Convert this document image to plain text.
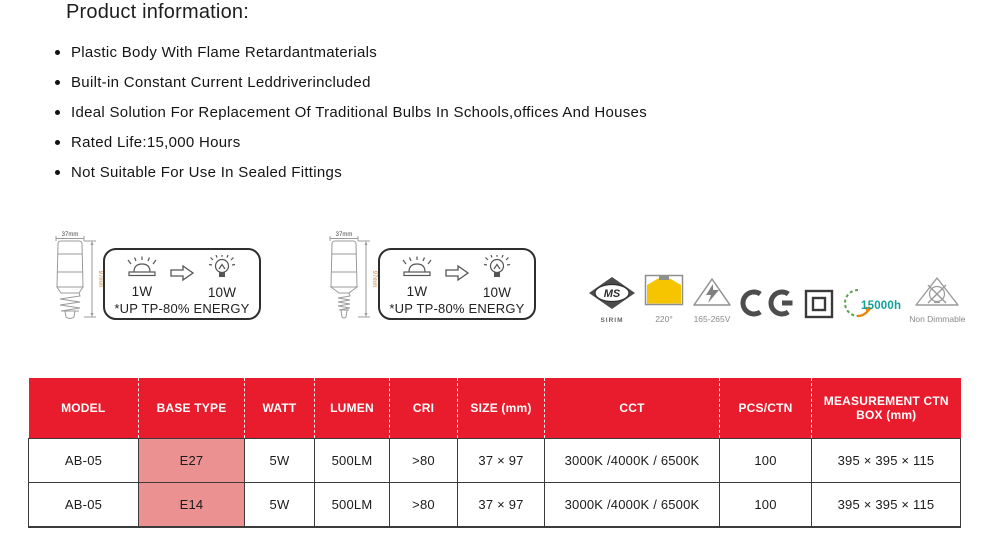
Product information:
Plastic Body With Flame Retardantmaterials
Built-in Constant Current Leddriverincluded
Ideal Solution For Replacement Of Traditional Bulbs In Schools,offices And Houses
Rated Life:15,000 Hours
Not Suitable For Use In Sealed Fittings
37mm
97mm
1W	10W
*UP TP-80% ENERGY
37mm
97mm
1W	10W
*UP TP-80% ENERGY
MS
SIRIM	220° 165-265V
15000h
Non Dimmable
MODEL	BASE TYPE	WATT	LUMEN	CRI	SIZE (mm)	CCT	PCS/CTN	MEASUREMENT CTN BOX (mm)
AB-05	E27	5W	500LM	>80	37 × 97	3000K /4000K / 6500K	100	395 × 395 × 115
AB-05	E14	5W	500LM	>80	37 × 97	3000K /4000K / 6500K	100	395 × 395 × 115
